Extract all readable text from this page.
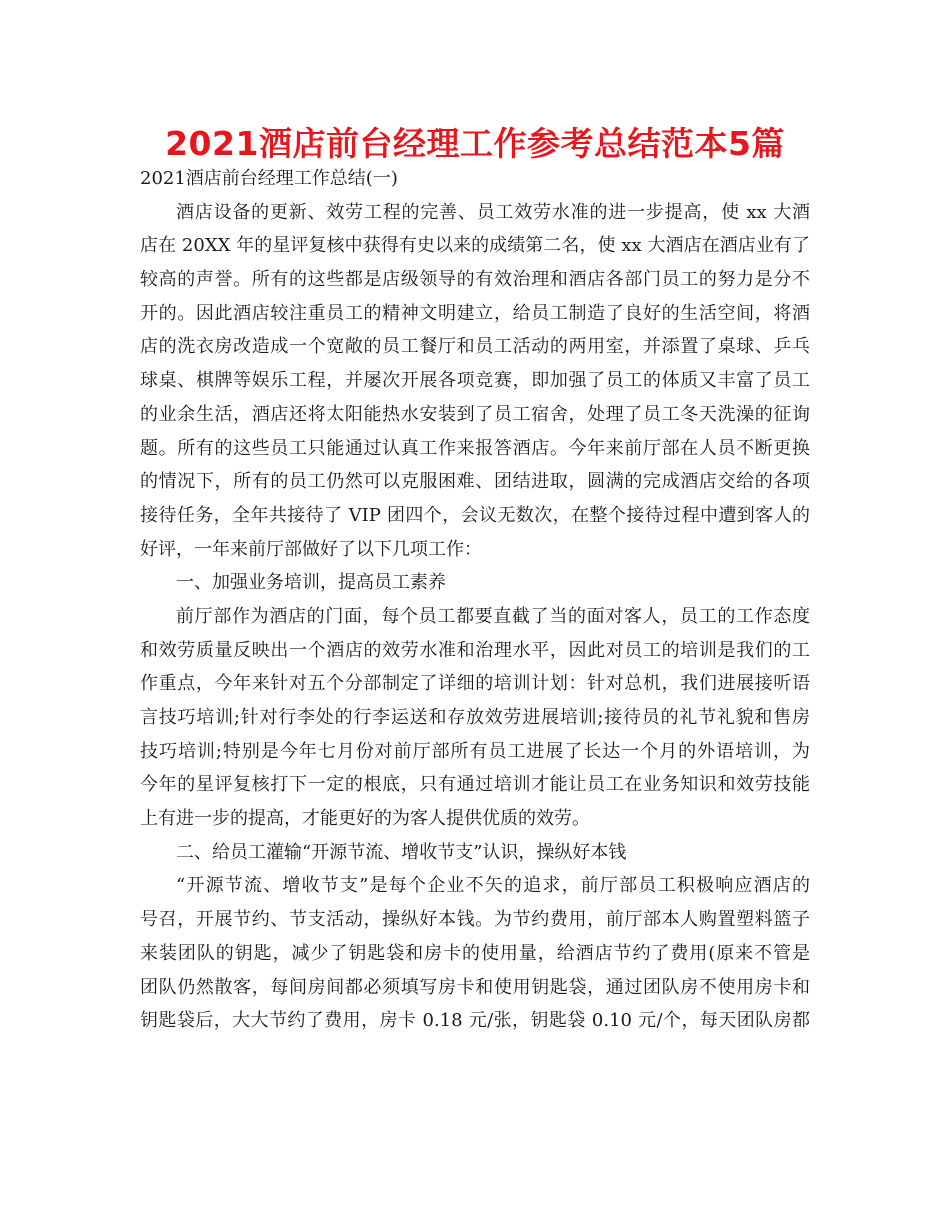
2021酒店前台经理工作参考总结范本5篇
2021酒店前台经理工作总结(一)
酒店设备的更新、效劳工程的完善、员工效劳水准的进一步提高，使 xx 大酒
店在 20XX 年的星评复核中获得有史以来的成绩第二名，使 xx 大酒店在酒店业有了
较高的声誉。所有的这些都是店级领导的有效治理和酒店各部门员工的努力是分不
开的。因此酒店较注重员工的精神文明建立，给员工制造了良好的生活空间，将酒
店的洗衣房改造成一个宽敞的员工餐厅和员工活动的两用室，并添置了桌球、乒乓
球桌、棋牌等娱乐工程，并屡次开展各项竞赛，即加强了员工的体质又丰富了员工
的业余生活，酒店还将太阳能热水安装到了员工宿舍，处理了员工冬天洗澡的征询
题。所有的这些员工只能通过认真工作来报答酒店。今年来前厅部在人员不断更换
的情况下，所有的员工仍然可以克服困难、团结进取，圆满的完成酒店交给的各项
接待任务，全年共接待了 VIP 团四个，会议无数次，在整个接待过程中遭到客人的
好评，一年来前厅部做好了以下几项工作：
一、加强业务培训，提高员工素养
前厅部作为酒店的门面，每个员工都要直截了当的面对客人，员工的工作态度
和效劳质量反映出一个酒店的效劳水准和治理水平，因此对员工的培训是我们的工
作重点，今年来针对五个分部制定了详细的培训计划：针对总机，我们进展接听语
言技巧培训;针对行李处的行李运送和存放效劳进展培训;接待员的礼节礼貌和售房
技巧培训;特别是今年七月份对前厅部所有员工进展了长达一个月的外语培训，为
今年的星评复核打下一定的根底，只有通过培训才能让员工在业务知识和效劳技能
上有进一步的提高，才能更好的为客人提供优质的效劳。
二、给员工灌输“开源节流、增收节支”认识，操纵好本钱
“开源节流、增收节支”是每个企业不矢的追求，前厅部员工积极响应酒店的
号召，开展节约、节支活动，操纵好本钱。为节约费用，前厅部本人购置塑料篮子
来装团队的钥匙，减少了钥匙袋和房卡的使用量，给酒店节约了费用(原来不管是
团队仍然散客，每间房间都必须填写房卡和使用钥匙袋，通过团队房不使用房卡和
钥匙袋后，大大节约了费用，房卡 0.18 元/张，钥匙袋 0.10 元/个，每天团队房都
